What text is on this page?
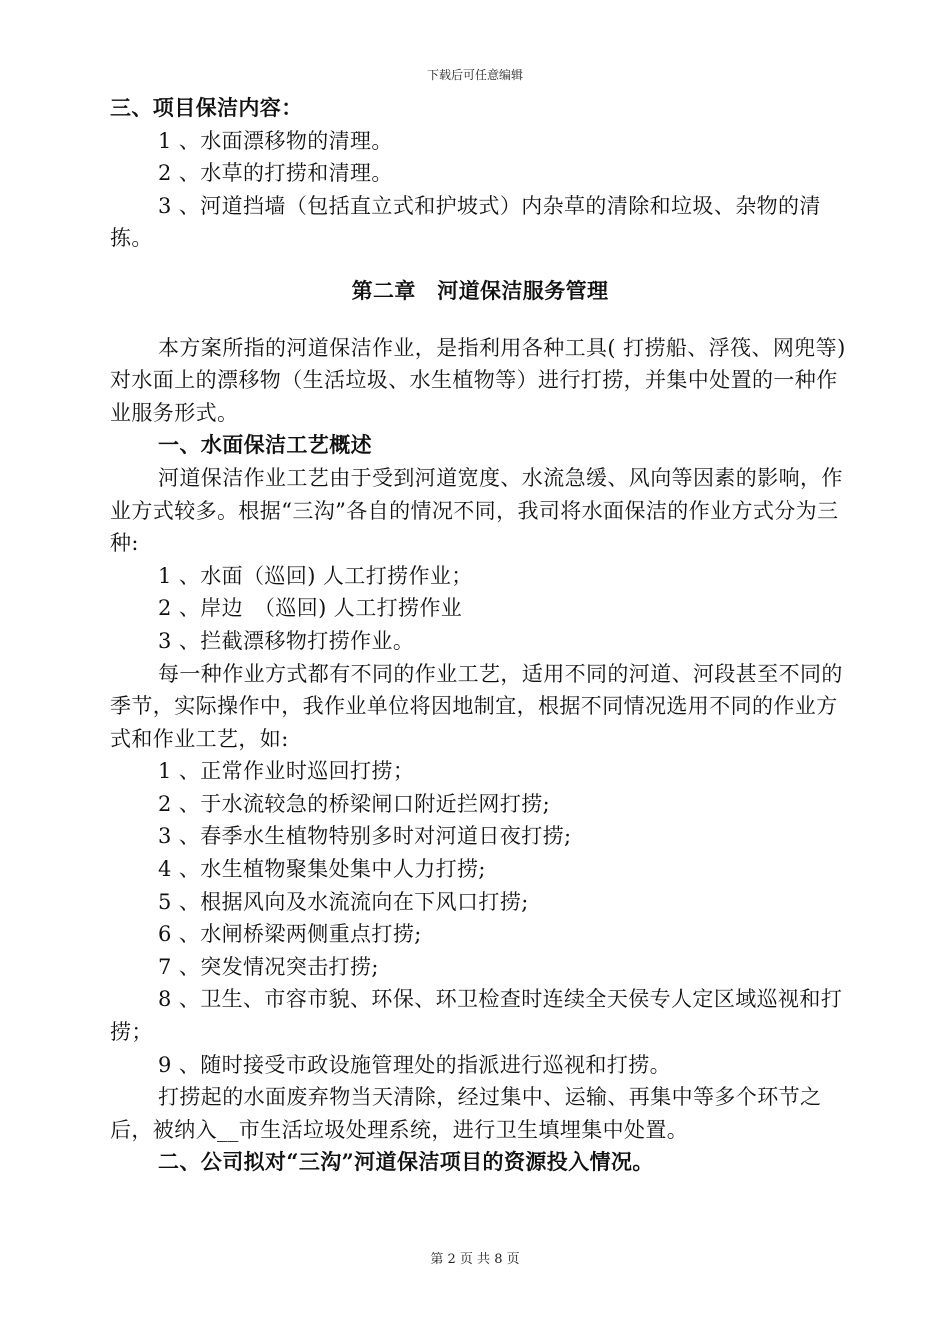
下载后可任意编辑

三、项目保洁内容：

1 、水面漂移物的清理。

2 、水草的打捞和清理。

3 、河道挡墙（包括直立式和护坡式）内杂草的清除和垃圾、杂物的清拣。

第二章　河道保洁服务管理

本方案所指的河道保洁作业，是指利用各种工具( 打捞船、浮筏、网兜等) 对水面上的漂移物（生活垃圾、水生植物等）进行打捞，并集中处置的一种作业服务形式。

一、水面保洁工艺概述

河道保洁作业工艺由于受到河道宽度、水流急缓、风向等因素的影响，作业方式较多。根据“三沟”各自的情况不同，我司将水面保洁的作业方式分为三种:

1 、水面（巡回) 人工打捞作业；

2 、岸边　（巡回) 人工打捞作业

3 、拦截漂移物打捞作业。

每一种作业方式都有不同的作业工艺，适用不同的河道、河段甚至不同的季节，实际操作中，我作业单位将因地制宜，根据不同情况选用不同的作业方式和作业工艺，如:

1 、正常作业时巡回打捞；

2 、于水流较急的桥梁闸口附近拦网打捞;

3 、春季水生植物特别多时对河道日夜打捞;

4 、水生植物聚集处集中人力打捞;

5 、根据风向及水流流向在下风口打捞;

6 、水闸桥梁两侧重点打捞;

7 、突发情况突击打捞;

8 、卫生、市容市貌、环保、环卫检查时连续全天侯专人定区域巡视和打捞；

9 、随时接受市政设施管理处的指派进行巡视和打捞。

打捞起的水面废弃物当天清除，经过集中、运输、再集中等多个环节之后，被纳入__市生活垃圾处理系统，进行卫生填埋集中处置。

二、公司拟对“三沟”河道保洁项目的资源投入情况。

第 2 页 共 8 页
